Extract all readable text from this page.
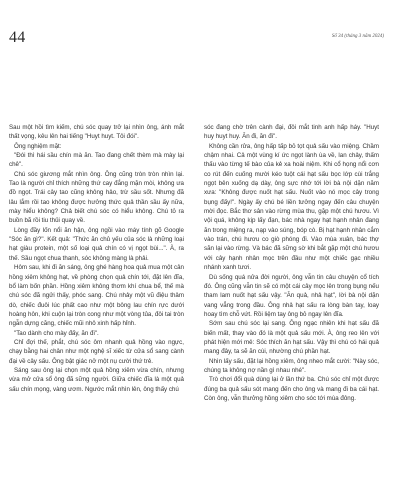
44	Số 34 (tháng 3 năm 2024)

Sau một hồi tìm kiếm, chú sóc quay trở lại nhìn ông, ánh mắt thất vọng, kêu lên hai tiếng "Huyt huyt. Tôi đói".

Ông nghiệm mặt:

"Đói thì hái sầu chín mà ăn. Tao đang chết thèm mà mày lại chê".

Chú sóc giương mắt nhìn ông. Ông cũng tròn tròn nhìn lại. Tao là người chỉ thích những thứ cay đắng mặn mòi, không ưa đồ ngọt. Trái cây tao cũng không hảo, trừ sầu sốt. Nhưng đã lâu lắm rồi tao không được hưởng thức quả thần sầu ấy nữa, mày hiểu không? Chả biết chú sóc có hiểu không. Chú tỏ ra buồn bã rồi tiu thủi quay về.

Lòng đầy lốn nổi ăn hận, ông ngồi vào máy tính gõ Google "Sóc ăn gì?". Kết quả: "Thức ăn chủ yếu của sóc là những loại hạt giàu protein, một số loại quả chín có vị ngọt bùi...". À, ra thế. Sầu ngọt chua thanh, sóc không màng là phải.

Hôm sau, khi đi ăn sáng, ông ghé hàng hoa quả mua một cân hồng xiêm không hạt, về phòng chọn quả chín tới, đặt lên đĩa, bổ làm bốn phần. Hồng xiêm không thơm khí chua bể, thế mà chú sóc đã ngửi thấy, phóc sang. Chú nhảy một vũ điệu thâm dò, chiếc đuôi lúc phất cao như một bông lau chín rực dưới hoàng hôn, khi cuộn lại tròn cong như một vòng tủa, đôi tai tròn ngẫn dựng căng, chiếc mũi nhô xinh hấp hỉnh.

"Tao dành cho mày đấy, ăn đi".

Chỉ đợi thế, phắt, chú sóc ôm nhanh quả hồng vào ngực, chạy bằng hai chân như một nghệ sĩ xiếc từ cửa sổ sang cành đại về cây sấu. Ông bật giác nở một nụ cười thứ trẻ.

Sáng sau ông lại chọn một quả hồng xiêm vừa chín, nhưng vừa mở cửa sổ ông đã sững người. Giữa chiếc đĩa là một quả sấu chín mọng, vàng ươm. Ngước mắt nhìn lên, ông thấy chú

sóc đang chờ trên cành đại, đôi mắt tinh anh hấp háy. "Huyt huy huyt huy. Ăn đi, ăn đi".

Không cần rửa, ông hấp tấp bỏ tọt quả sấu vào miệng. Chầm chậm nhai. Cả một vùng kí ức ngọt lành ùa về, lan chảy, thấm thấu vào từng tế bào của kẻ xa hoài niệm. Khi cổ họng nổi cơn co rút đến cuống mười kéo tuột cái hạt sấu bọc lớp cùi trắng ngọt bên xuống dạ dày, ông sực nhớ tới lời bà nội dặn năm xưa: "Không được nuốt hạt sấu. Nuốt vào nó mọc cây trong bụng đấy!". Ngày ấy chú bé liền tưởng ngay đến câu chuyện mời đọc. Bắc thơ sân vào rừng mùa thu, gặp một chú hươu. Vì vội quá, không kịp lấy đạn, bác nhà ngay hạt hạnh nhân đang ăn trong miệng ra, nạp vào súng, bóp cò. Bị hạt hạnh nhân cắm vào trán, chú hươu co giò phóng đi. Vào mùa xuân, bác thợ săn lại vào rừng. Và bác đã sững sờ khi bắt gặp một chú hươu với cây hạnh nhân mọc trên đầu như một chiếc gạc nhiều nhánh xanh tươi.

Dù sống quá nửa đời người, ông vẫn tin câu chuyện cổ tích đó. Ông cũng vẫn tin sẽ có một cái cây mọc lên trong bụng nếu tham lam nuốt hạt sấu vậy. "Ăn quả, nhả hạt", lời bà nội dặn vang vẳng trong đầu. Ông nhả hạt sấu ra lòng bàn tay, loay hoay tìm chỗ vứt. Rồi liệm tay ông bỏ ngay lên đĩa.

Sớm sau chú sóc lại sang. Ông ngạc nhiên khi hạt sấu đã biến mất, thay vào đó là một quả sấu mới. À, ông reo lên với phát hiện mới mẻ: Sóc thích ăn hạt sấu. Vậy thì chú có hái quả mang đây, ta sẽ ăn cùi, nhường chú phần hạt.

Nhìn lấy sấu, đặt lại hồng xiêm, ông nheo mắt cười: "Này sóc, chúng ta không nợ nần gì nhau nhé".

Trò chơi đổi quà dùng lại ở lần thứ ba. Chú sóc chỉ một được đúng ba quả sấu sót mang đến cho ông và mang đi ba cái hạt. Còn ông, vẫn thưởng hồng xiêm cho sóc tới mùa đông.
